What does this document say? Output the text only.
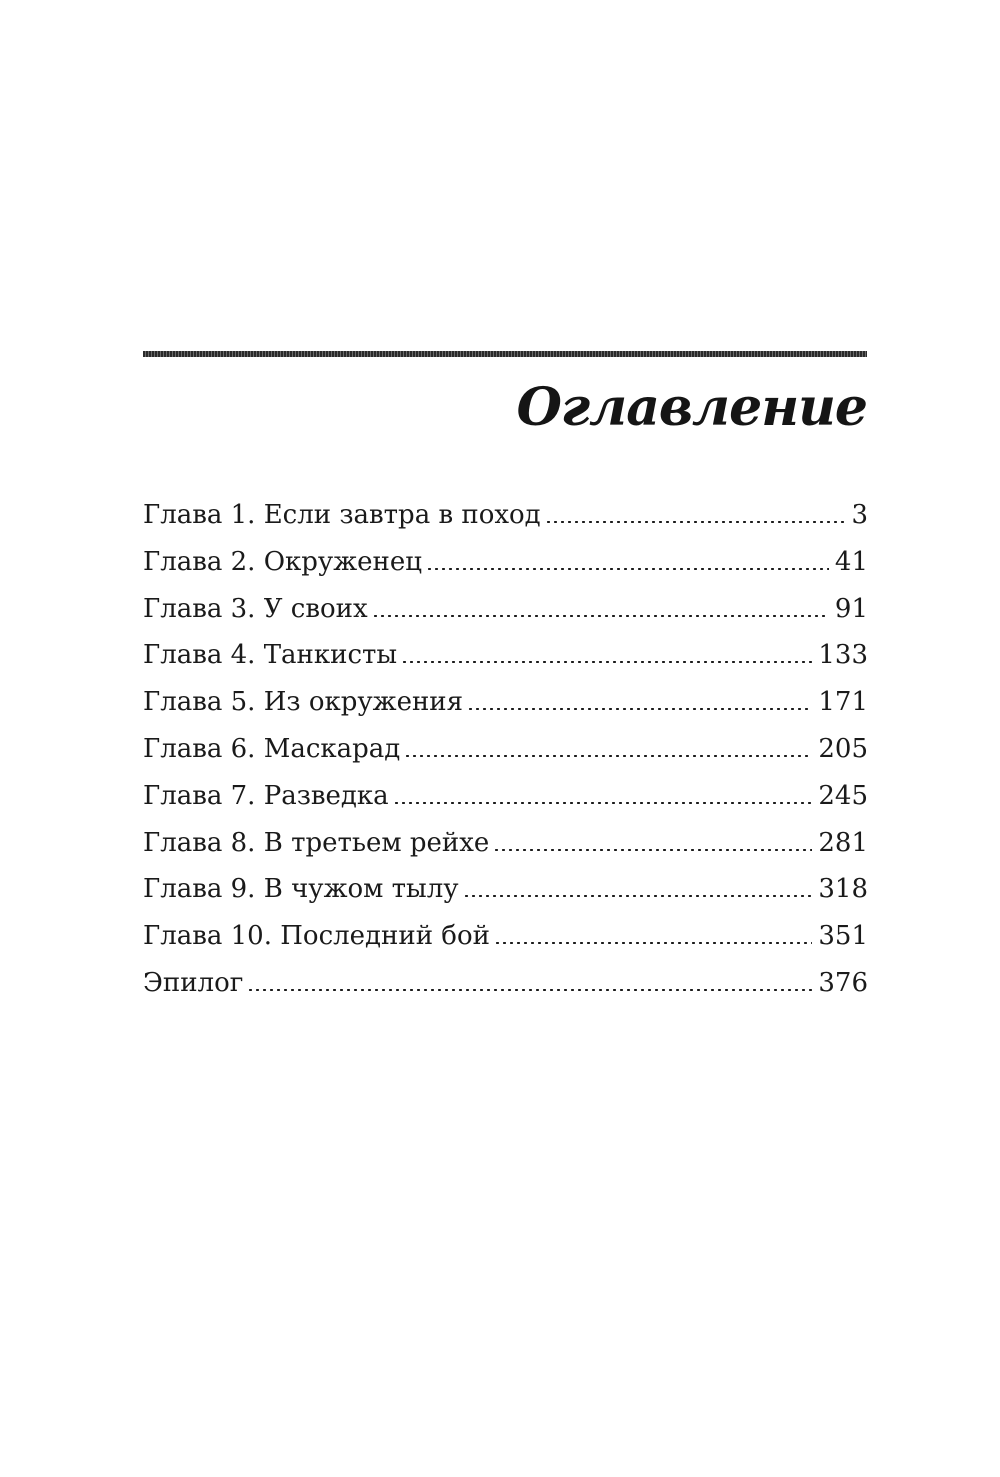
Оглавление
Глава 1. Если завтра в поход	3
Глава 2. Окруженец	41
Глава 3. У своих	91
Глава 4. Танкисты	133
Глава 5. Из окружения	171
Глава 6. Маскарад	205
Глава 7. Разведка	245
Глава 8. В третьем рейхе	281
Глава 9. В чужом тылу	318
Глава 10. Последний бой	351
Эпилог	376
